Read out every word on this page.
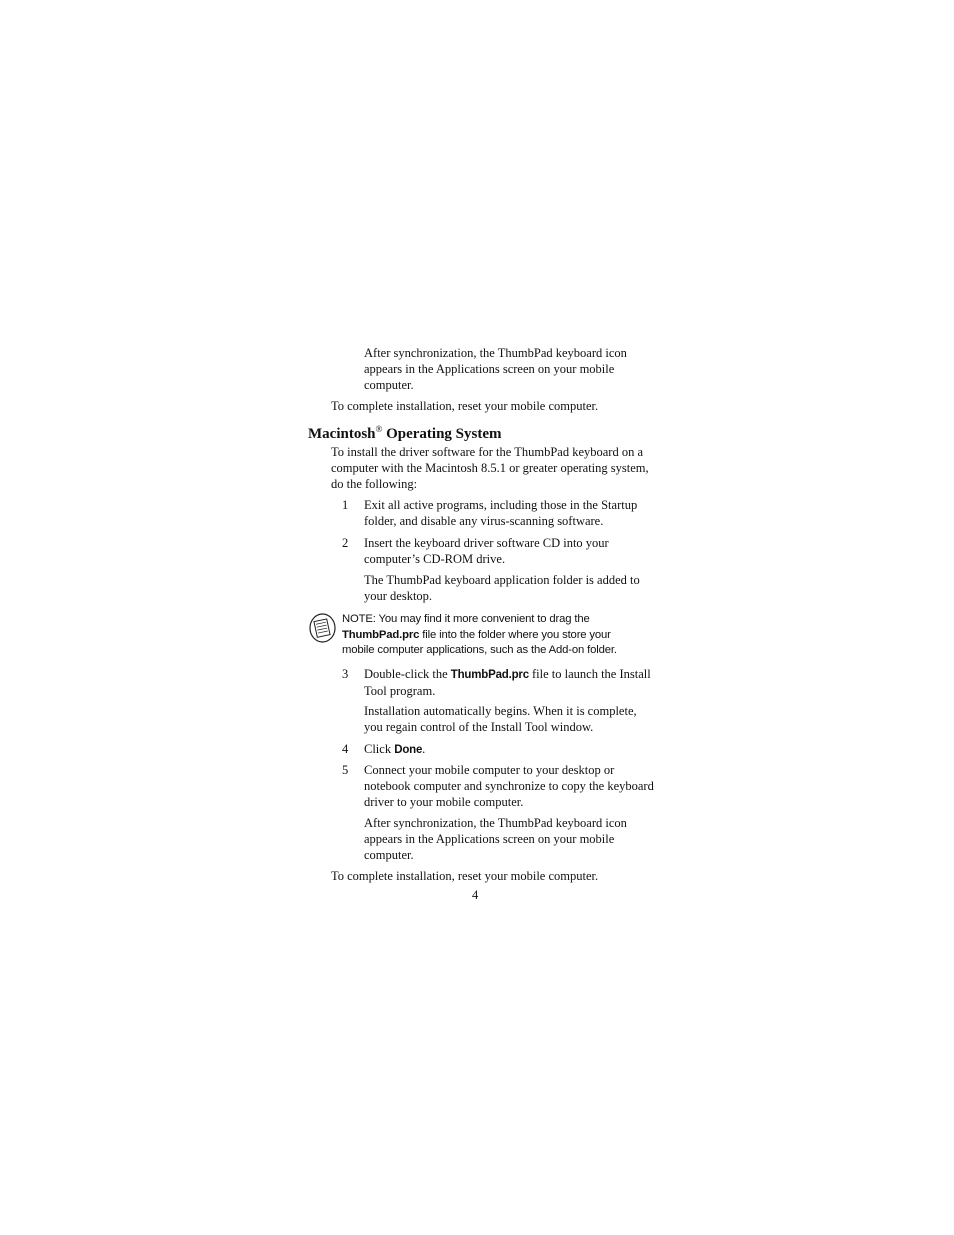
After synchronization, the ThumbPad keyboard icon appears in the Applications screen on your mobile computer.

To complete installation, reset your mobile computer.

Macintosh® Operating System

To install the driver software for the ThumbPad keyboard on a computer with the Macintosh 8.5.1 or greater operating system, do the following:

1 Exit all active programs, including those in the Startup folder, and disable any virus-scanning software.

2 Insert the keyboard driver software CD into your computer’s CD-ROM drive.

The ThumbPad keyboard application folder is added to your desktop.

NOTE: You may find it more convenient to drag the ThumbPad.prc file into the folder where you store your mobile computer applications, such as the Add-on folder.

3 Double-click the ThumbPad.prc file to launch the Install Tool program.

Installation automatically begins. When it is complete, you regain control of the Install Tool window.

4 Click Done.

5 Connect your mobile computer to your desktop or notebook computer and synchronize to copy the keyboard driver to your mobile computer.

After synchronization, the ThumbPad keyboard icon appears in the Applications screen on your mobile computer.

To complete installation, reset your mobile computer.

4
